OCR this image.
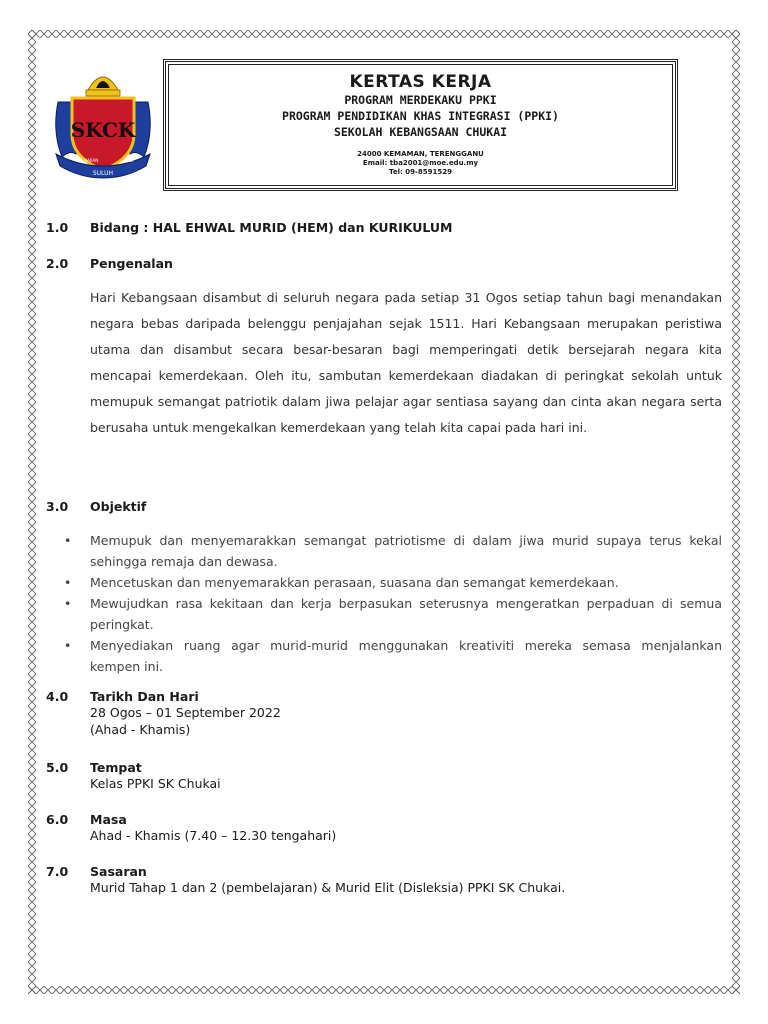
SKCK
PELAJARAN	PROF
SULUH
KERTAS KERJA
PROGRAM MERDEKAKU PPKI
PROGRAM PENDIDIKAN KHAS INTEGRASI (PPKI)
SEKOLAH KEBANGSAAN CHUKAI
24000 KEMAMAN, TERENGGANU
Email: tba2001@moe.edu.my
Tel: 09-8591529
1.0	Bidang : HAL EHWAL MURID (HEM) dan KURIKULUM
2.0	Pengenalan
Hari Kebangsaan disambut di seluruh negara pada setiap 31 Ogos setiap tahun bagi menandakan negara bebas daripada belenggu penjajahan sejak 1511. Hari Kebangsaan merupakan peristiwa utama dan disambut secara besar-besaran bagi memperingati detik bersejarah negara kita mencapai kemerdekaan. Oleh itu, sambutan kemerdekaan diadakan di peringkat sekolah untuk memupuk semangat patriotik dalam jiwa pelajar agar sentiasa sayang dan cinta akan negara serta berusaha untuk mengekalkan kemerdekaan yang telah kita capai pada hari ini.
3.0	Objektif
• Memupuk dan menyemarakkan semangat patriotisme di dalam jiwa murid supaya terus kekal sehingga remaja dan dewasa.
• Mencetuskan dan menyemarakkan perasaan, suasana dan semangat kemerdekaan.
• Mewujudkan rasa kekitaan dan kerja berpasukan seterusnya mengeratkan perpaduan di semua peringkat.
• Menyediakan ruang agar murid-murid menggunakan kreativiti mereka semasa menjalankan kempen ini.
4.0	Tarikh Dan Hari
28 Ogos – 01 September 2022
(Ahad - Khamis)
5.0	Tempat
Kelas PPKI SK Chukai
6.0	Masa
Ahad - Khamis (7.40 – 12.30 tengahari)
7.0	Sasaran
Murid Tahap 1 dan 2 (pembelajaran) & Murid Elit (Disleksia) PPKI SK Chukai.
